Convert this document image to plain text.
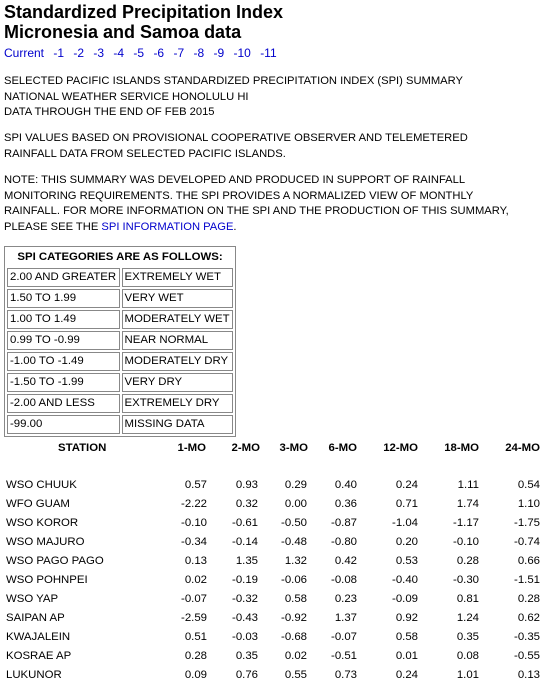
Standardized Precipitation Index
Micronesia and Samoa data
Current -1 -2 -3 -4 -5 -6 -7 -8 -9 -10 -11
SELECTED PACIFIC ISLANDS STANDARDIZED PRECIPITATION INDEX (SPI) SUMMARY
NATIONAL WEATHER SERVICE HONOLULU HI
DATA THROUGH THE END OF FEB 2015
SPI VALUES BASED ON PROVISIONAL COOPERATIVE OBSERVER AND TELEMETERED
RAINFALL DATA FROM SELECTED PACIFIC ISLANDS.
NOTE: THIS SUMMARY WAS DEVELOPED AND PRODUCED IN SUPPORT OF RAINFALL
MONITORING REQUIREMENTS. THE SPI PROVIDES A NORMALIZED VIEW OF MONTHLY
RAINFALL. FOR MORE INFORMATION ON THE SPI AND THE PRODUCTION OF THIS SUMMARY,
PLEASE SEE THE SPI INFORMATION PAGE.
SPI CATEGORIES ARE AS FOLLOWS:	
2.00 AND GREATER	EXTREMELY WET
1.50 TO 1.99	VERY WET
1.00 TO 1.49	MODERATELY WET
0.99 TO -0.99	NEAR NORMAL
-1.00 TO -1.49	MODERATELY DRY
-1.50 TO -1.99	VERY DRY
-2.00 AND LESS	EXTREMELY DRY
-99.00	MISSING DATA
STATION	1-MO	2-MO	3-MO	6-MO	12-MO	18-MO	24-MO
WSO CHUUK	0.57	0.93	0.29	0.40	0.24	1.11	0.54
WFO GUAM	-2.22	0.32	0.00	0.36	0.71	1.74	1.10
WSO KOROR	-0.10	-0.61	-0.50	-0.87	-1.04	-1.17	-1.75
WSO MAJURO	-0.34	-0.14	-0.48	-0.80	0.20	-0.10	-0.74
WSO PAGO PAGO	0.13	1.35	1.32	0.42	0.53	0.28	0.66
WSO POHNPEI	0.02	-0.19	-0.06	-0.08	-0.40	-0.30	-1.51
WSO YAP	-0.07	-0.32	0.58	0.23	-0.09	0.81	0.28
SAIPAN AP	-2.59	-0.43	-0.92	1.37	0.92	1.24	0.62
KWAJALEIN	0.51	-0.03	-0.68	-0.07	0.58	0.35	-0.35
KOSRAE AP	0.28	0.35	0.02	-0.51	0.01	0.08	-0.55
LUKUNOR	0.09	0.76	0.55	0.73	0.24	1.01	0.13
